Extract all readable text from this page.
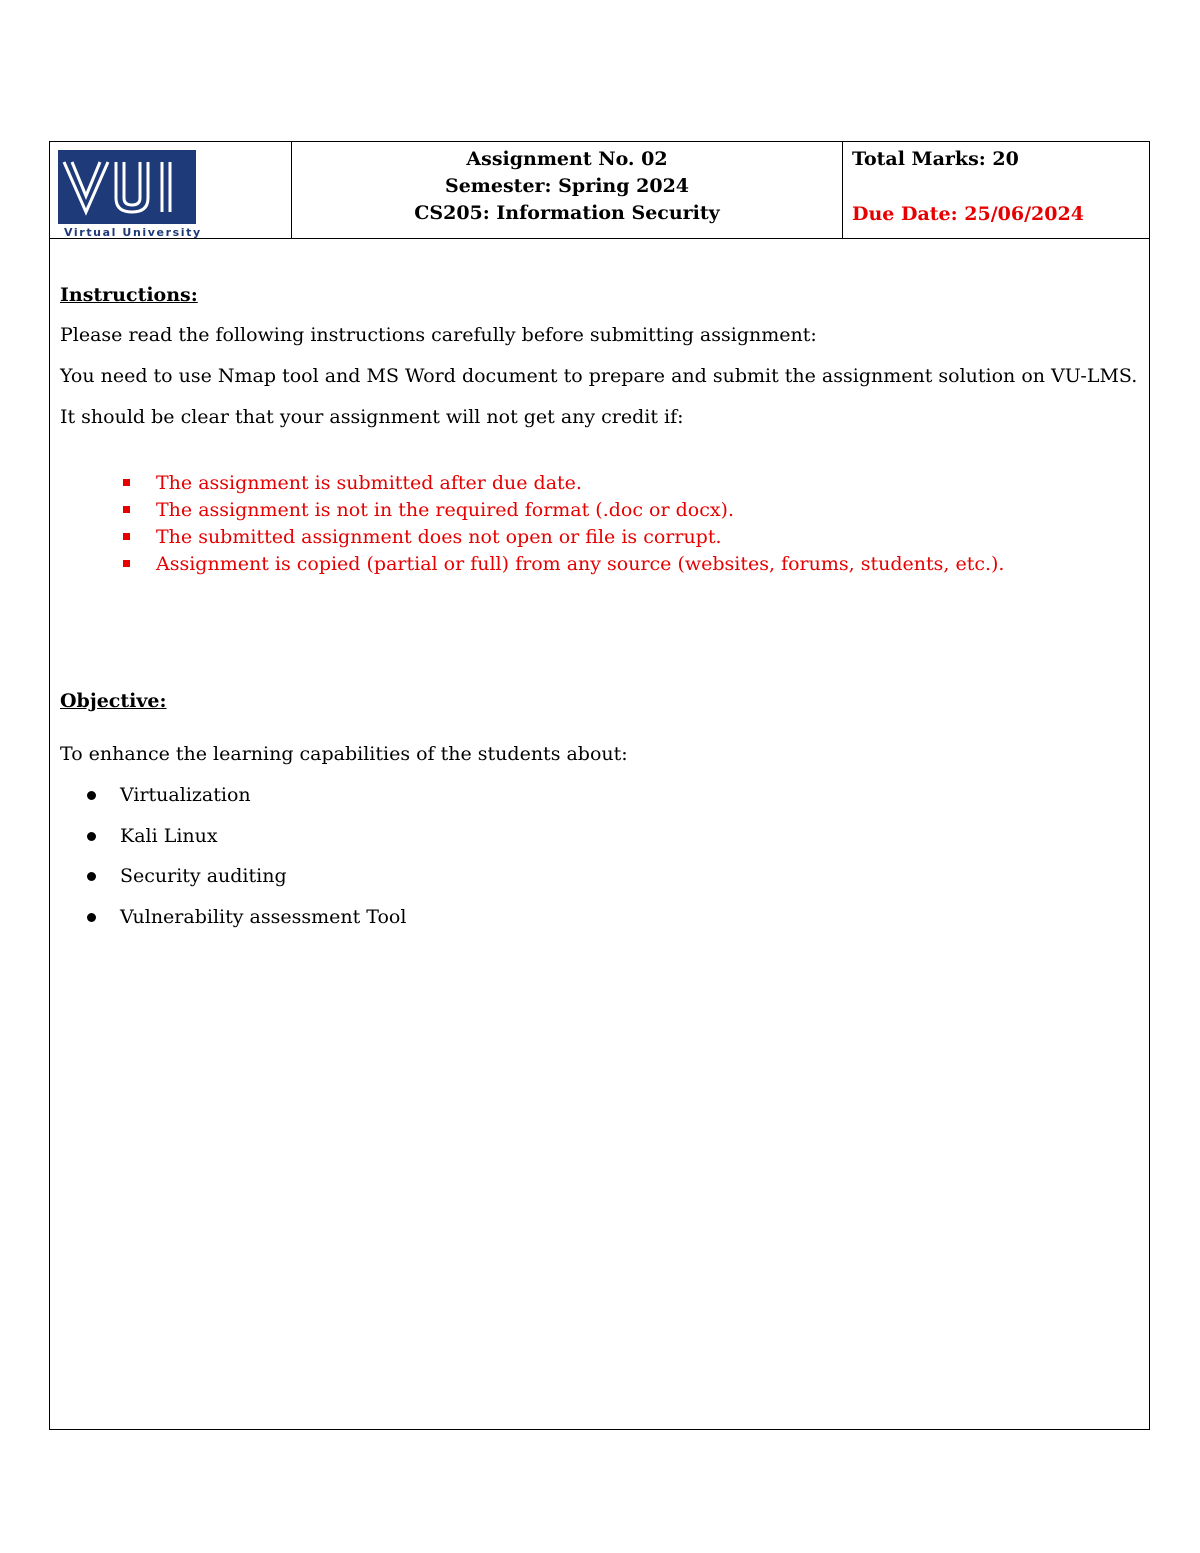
Virtual University
Assignment No. 02
Semester: Spring 2024
CS205: Information Security
Total Marks: 20
Due Date: 25/06/2024

Instructions:

Please read the following instructions carefully before submitting assignment:

You need to use Nmap tool and MS Word document to prepare and submit the assignment solution on VU-LMS.

It should be clear that your assignment will not get any credit if:

The assignment is submitted after due date.
The assignment is not in the required format (.doc or docx).
The submitted assignment does not open or file is corrupt.
Assignment is copied (partial or full) from any source (websites, forums, students, etc.).

Objective:

To enhance the learning capabilities of the students about:

Virtualization
Kali Linux
Security auditing
Vulnerability assessment Tool
